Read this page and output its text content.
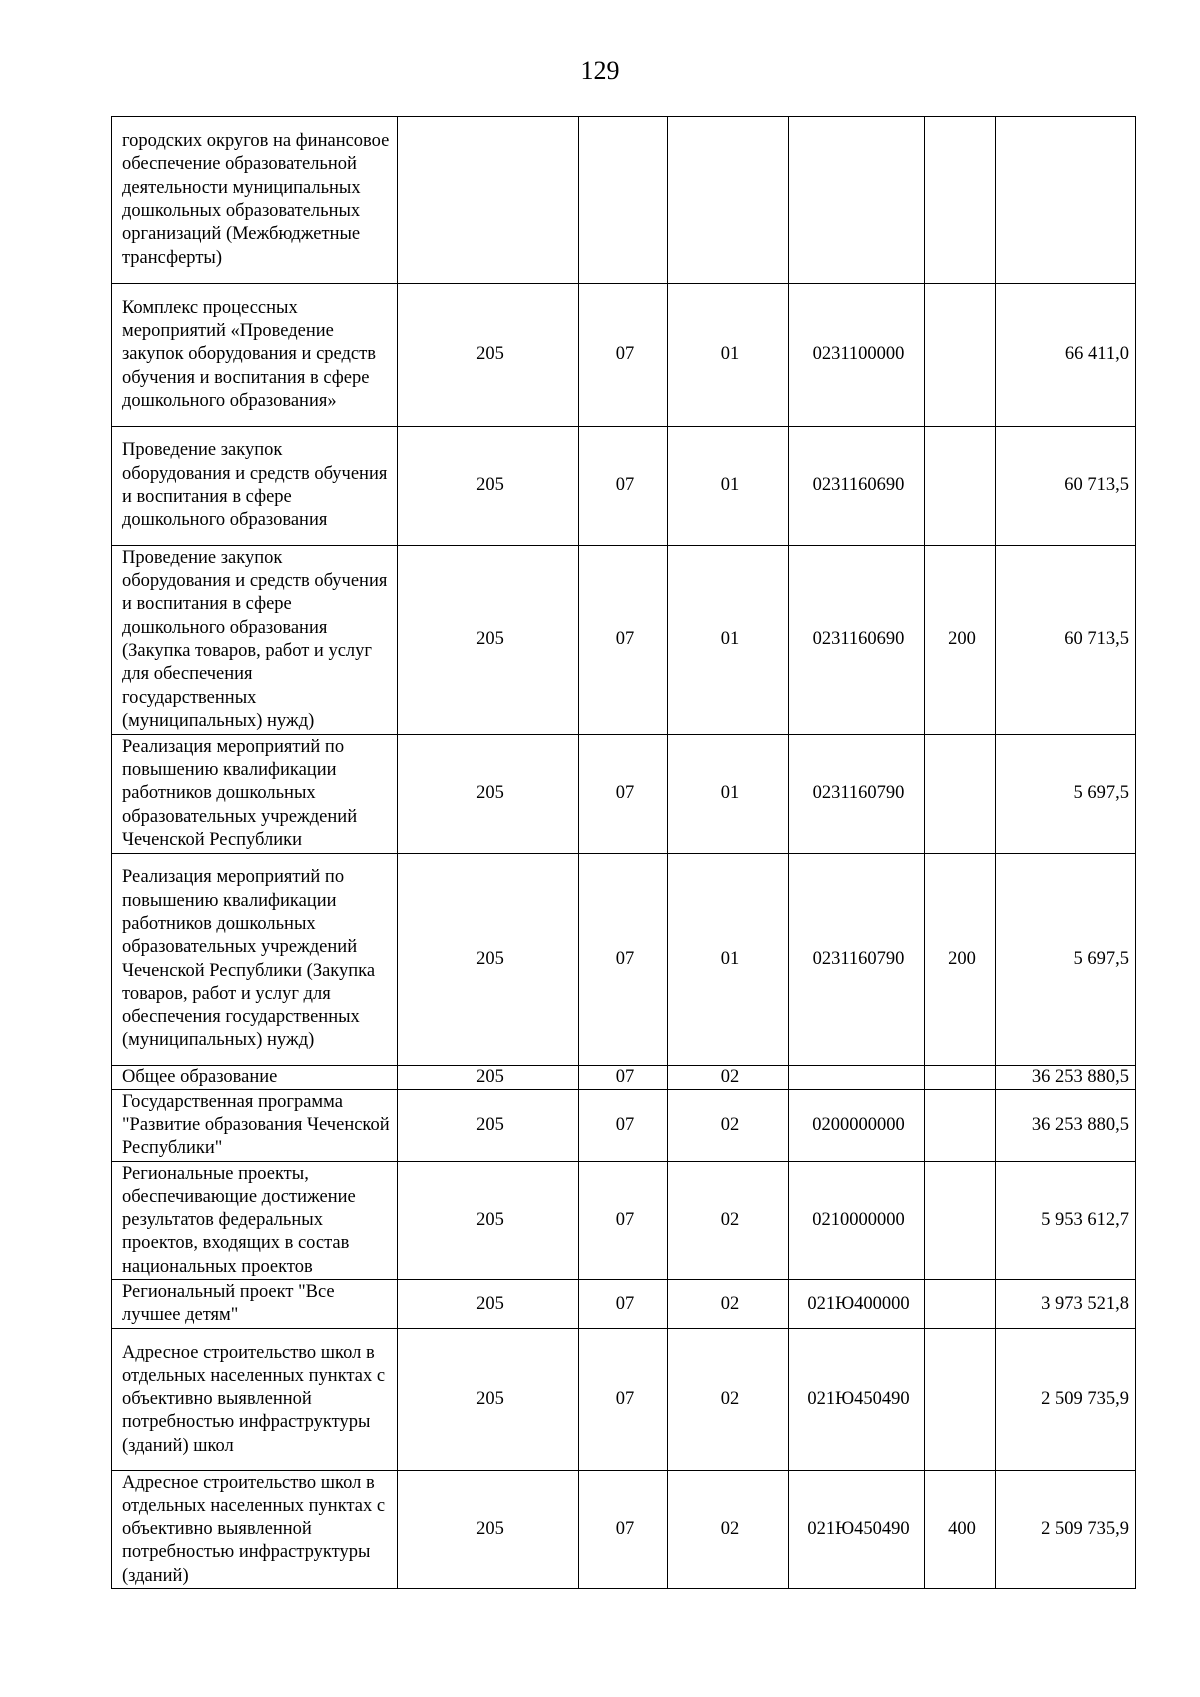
129
городских округов на финансовое обеспечение образовательной деятельности муниципальных дошкольных образовательных организаций (Межбюджетные трансферты)						
Комплекс процессных мероприятий «Проведение закупок оборудования и средств обучения и воспитания в сфере дошкольного образования»	205	07	01	0231100000		66 411,0
Проведение закупок оборудования и средств обучения и воспитания в сфере дошкольного образования	205	07	01	0231160690		60 713,5
Проведение закупок оборудования и средств обучения и воспитания в сфере дошкольного образования (Закупка товаров, работ и услуг для обеспечения государственных (муниципальных) нужд)	205	07	01	0231160690	200	60 713,5
Реализация мероприятий по повышению квалификации работников дошкольных образовательных учреждений Чеченской Республики	205	07	01	0231160790		5 697,5
Реализация мероприятий по повышению квалификации работников дошкольных образовательных учреждений Чеченской Республики (Закупка товаров, работ и услуг для обеспечения государственных (муниципальных) нужд)	205	07	01	0231160790	200	5 697,5
Общее образование	205	07	02			36 253 880,5
Государственная программа "Развитие образования Чеченской Республики"	205	07	02	0200000000		36 253 880,5
Региональные проекты, обеспечивающие достижение результатов федеральных проектов, входящих в состав национальных проектов	205	07	02	0210000000		5 953 612,7
Региональный проект "Все лучшее детям"	205	07	02	021Ю400000		3 973 521,8
Адресное строительство школ в отдельных населенных пунктах с объективно выявленной потребностью инфраструктуры (зданий) школ	205	07	02	021Ю450490		2 509 735,9
Адресное строительство школ в отдельных населенных пунктах с объективно выявленной потребностью инфраструктуры (зданий)	205	07	02	021Ю450490	400	2 509 735,9
